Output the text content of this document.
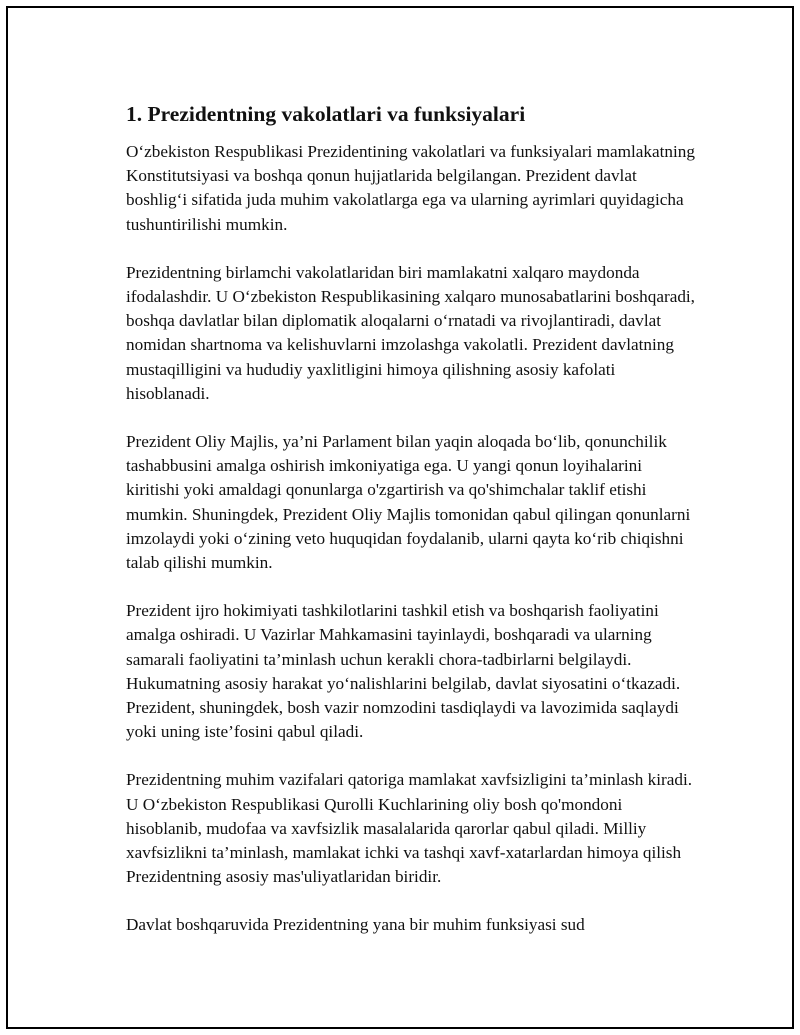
1. Prezidentning vakolatlari va funksiyalari

O‘zbekiston Respublikasi Prezidentining vakolatlari va funksiyalari mamlakatning Konstitutsiyasi va boshqa qonun hujjatlarida belgilangan. Prezident davlat boshlig‘i sifatida juda muhim vakolatlarga ega va ularning ayrimlari quyidagicha tushuntirilishi mumkin.

Prezidentning birlamchi vakolatlaridan biri mamlakatni xalqaro maydonda ifodalashdir. U O‘zbekiston Respublikasining xalqaro munosabatlarini boshqaradi, boshqa davlatlar bilan diplomatik aloqalarni o‘rnatadi va rivojlantiradi, davlat nomidan shartnoma va kelishuvlarni imzolashga vakolatli. Prezident davlatning mustaqilligini va hududiy yaxlitligini himoya qilishning asosiy kafolati hisoblanadi.

Prezident Oliy Majlis, ya’ni Parlament bilan yaqin aloqada bo‘lib, qonunchilik tashabbusini amalga oshirish imkoniyatiga ega. U yangi qonun loyihalarini kiritishi yoki amaldagi qonunlarga o'zgartirish va qo'shimchalar taklif etishi mumkin. Shuningdek, Prezident Oliy Majlis tomonidan qabul qilingan qonunlarni imzolaydi yoki o‘zining veto huquqidan foydalanib, ularni qayta ko‘rib chiqishni talab qilishi mumkin.

Prezident ijro hokimiyati tashkilotlarini tashkil etish va boshqarish faoliyatini amalga oshiradi. U Vazirlar Mahkamasini tayinlaydi, boshqaradi va ularning samarali faoliyatini ta’minlash uchun kerakli chora-tadbirlarni belgilaydi. Hukumatning asosiy harakat yo‘nalishlarini belgilab, davlat siyosatini o‘tkazadi. Prezident, shuningdek, bosh vazir nomzodini tasdiqlaydi va lavozimida saqlaydi yoki uning iste’fosini qabul qiladi.

Prezidentning muhim vazifalari qatoriga mamlakat xavfsizligini ta’minlash kiradi. U O‘zbekiston Respublikasi Qurolli Kuchlarining oliy bosh qo'mondoni hisoblanib, mudofaa va xavfsizlik masalalarida qarorlar qabul qiladi. Milliy xavfsizlikni ta’minlash, mamlakat ichki va tashqi xavf-xatarlardan himoya qilish Prezidentning asosiy mas'uliyatlaridan biridir.

Davlat boshqaruvida Prezidentning yana bir muhim funksiyasi sud
